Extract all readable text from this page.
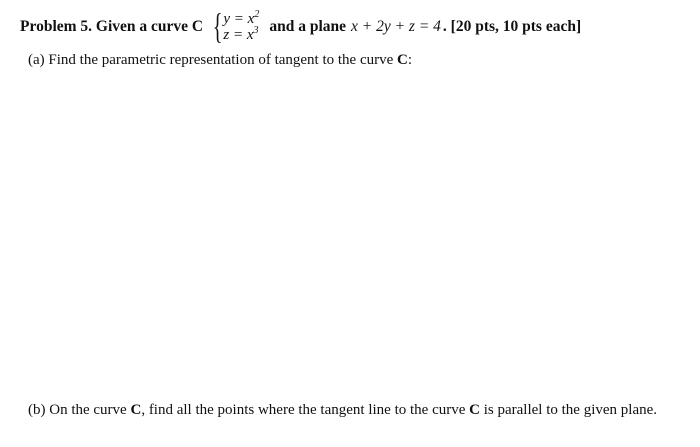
Problem 5. Given a curve C { $y = x^2$
$z = x^3$ and a plane x + 2y + z = 4 .
[20 pts, 10 pts each]
(a) Find the parametric representation of tangent to the curve C:
(b) On the curve C, find all the points where the tangent line to the curve C is parallel to the given plane.
